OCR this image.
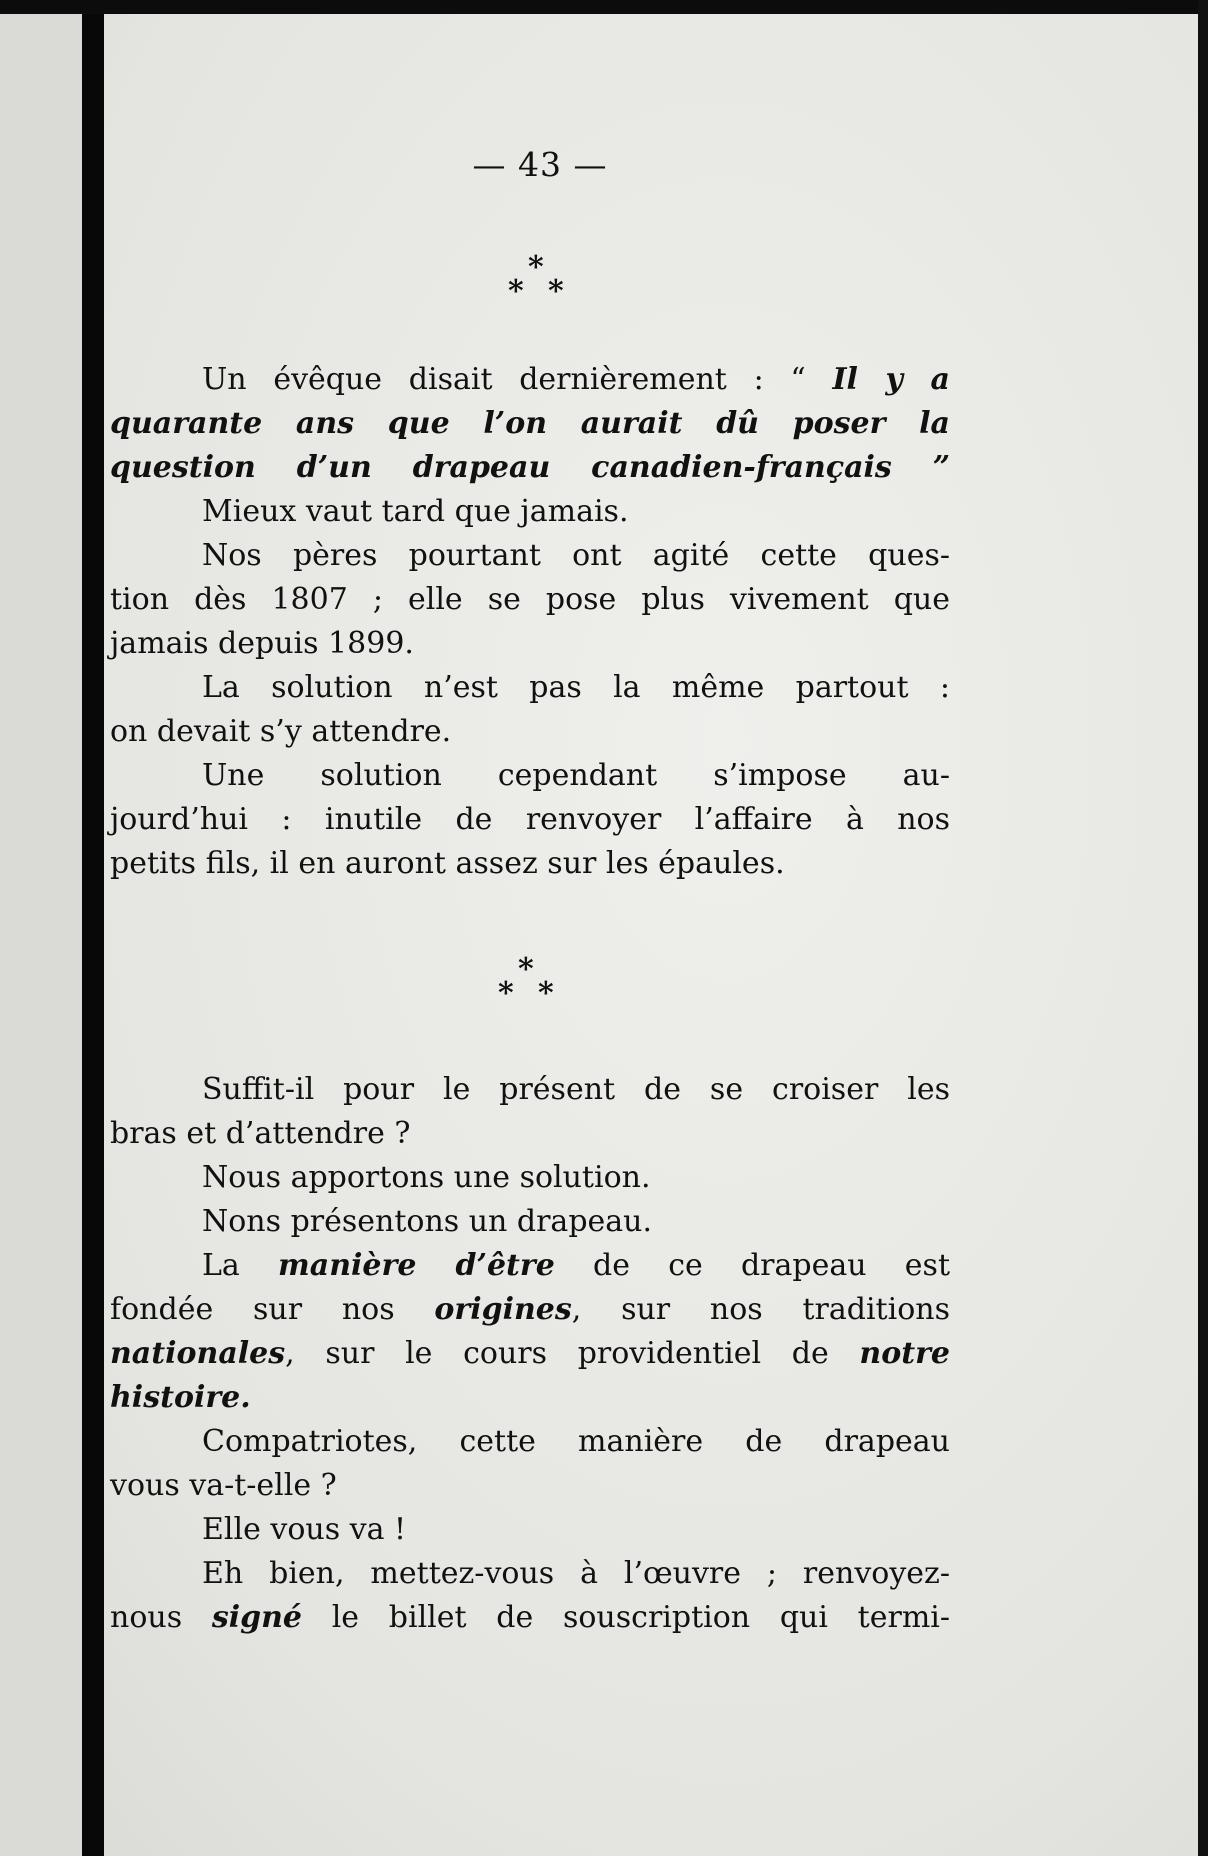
— 43 —
*
* *
Un évêque disait dernièrement : “ Il y a
quarante ans que l’on aurait dû poser la
question d’un drapeau canadien-français ”
Mieux vaut tard que jamais.
Nos pères pourtant ont agité cette ques-
tion dès 1807 ; elle se pose plus vivement que
jamais depuis 1899.
La solution n’est pas la même partout :
on devait s’y attendre.
Une solution cependant s’impose au-
jourd’hui : inutile de renvoyer l’affaire à nos
petits fils, il en auront assez sur les épaules.
*
* *
Suffit-il pour le présent de se croiser les
bras et d’attendre ?
Nous apportons une solution.
Nons présentons un drapeau.
La manière d’être de ce drapeau est
fondée sur nos origines, sur nos traditions
nationales, sur le cours providentiel de notre
histoire.
Compatriotes, cette manière de drapeau
vous va-t-elle ?
Elle vous va !
Eh bien, mettez-vous à l’œuvre ; renvoyez-
nous signé le billet de souscription qui termi-
